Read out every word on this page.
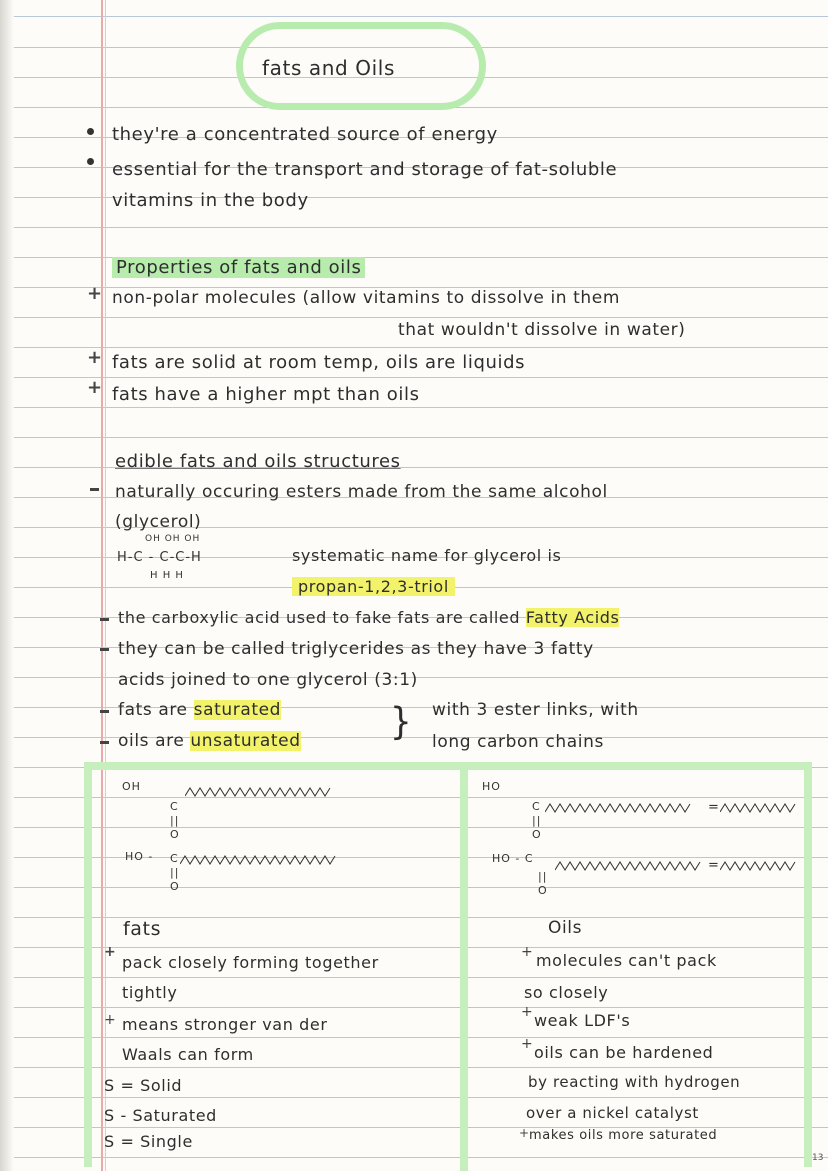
fats and Oils
they're a concentrated source of energy
essential for the transport and storage of fat-soluble
vitamins in the body
Properties of fats and oils
+ non-polar molecules (allow vitamins to dissolve in them
that wouldn't dissolve in water)
+ fats are solid at room temp, oils are liquids
+ fats have a higher mpt than oils
edible fats and oils structures
naturally occuring esters made from the same alcohol
(glycerol)
OH OH OH
H-C - C-C-H
H H H
systematic name for glycerol is
propan-1,2,3-triol
the carboxylic acid used to fake fats are called Fatty Acids
they can be called triglycerides as they have 3 fatty
acids joined to one glycerol (3:1)
fats are saturated
oils are unsaturated	} with 3 ester links, with
long carbon chains
OH
C
||
O
HO - C
||
O
HO
C
||
O
HO - C
||
O
=
=
fats
+
pack closely forming together
tightly
+ means stronger van der
Waals can form
S = Solid
S - Saturated
S = Single
Oils
+ molecules can't pack
so closely
+ weak LDF's
+ oils can be hardened
by reacting with hydrogen
over a nickel catalyst
+ makes oils more saturated
13
